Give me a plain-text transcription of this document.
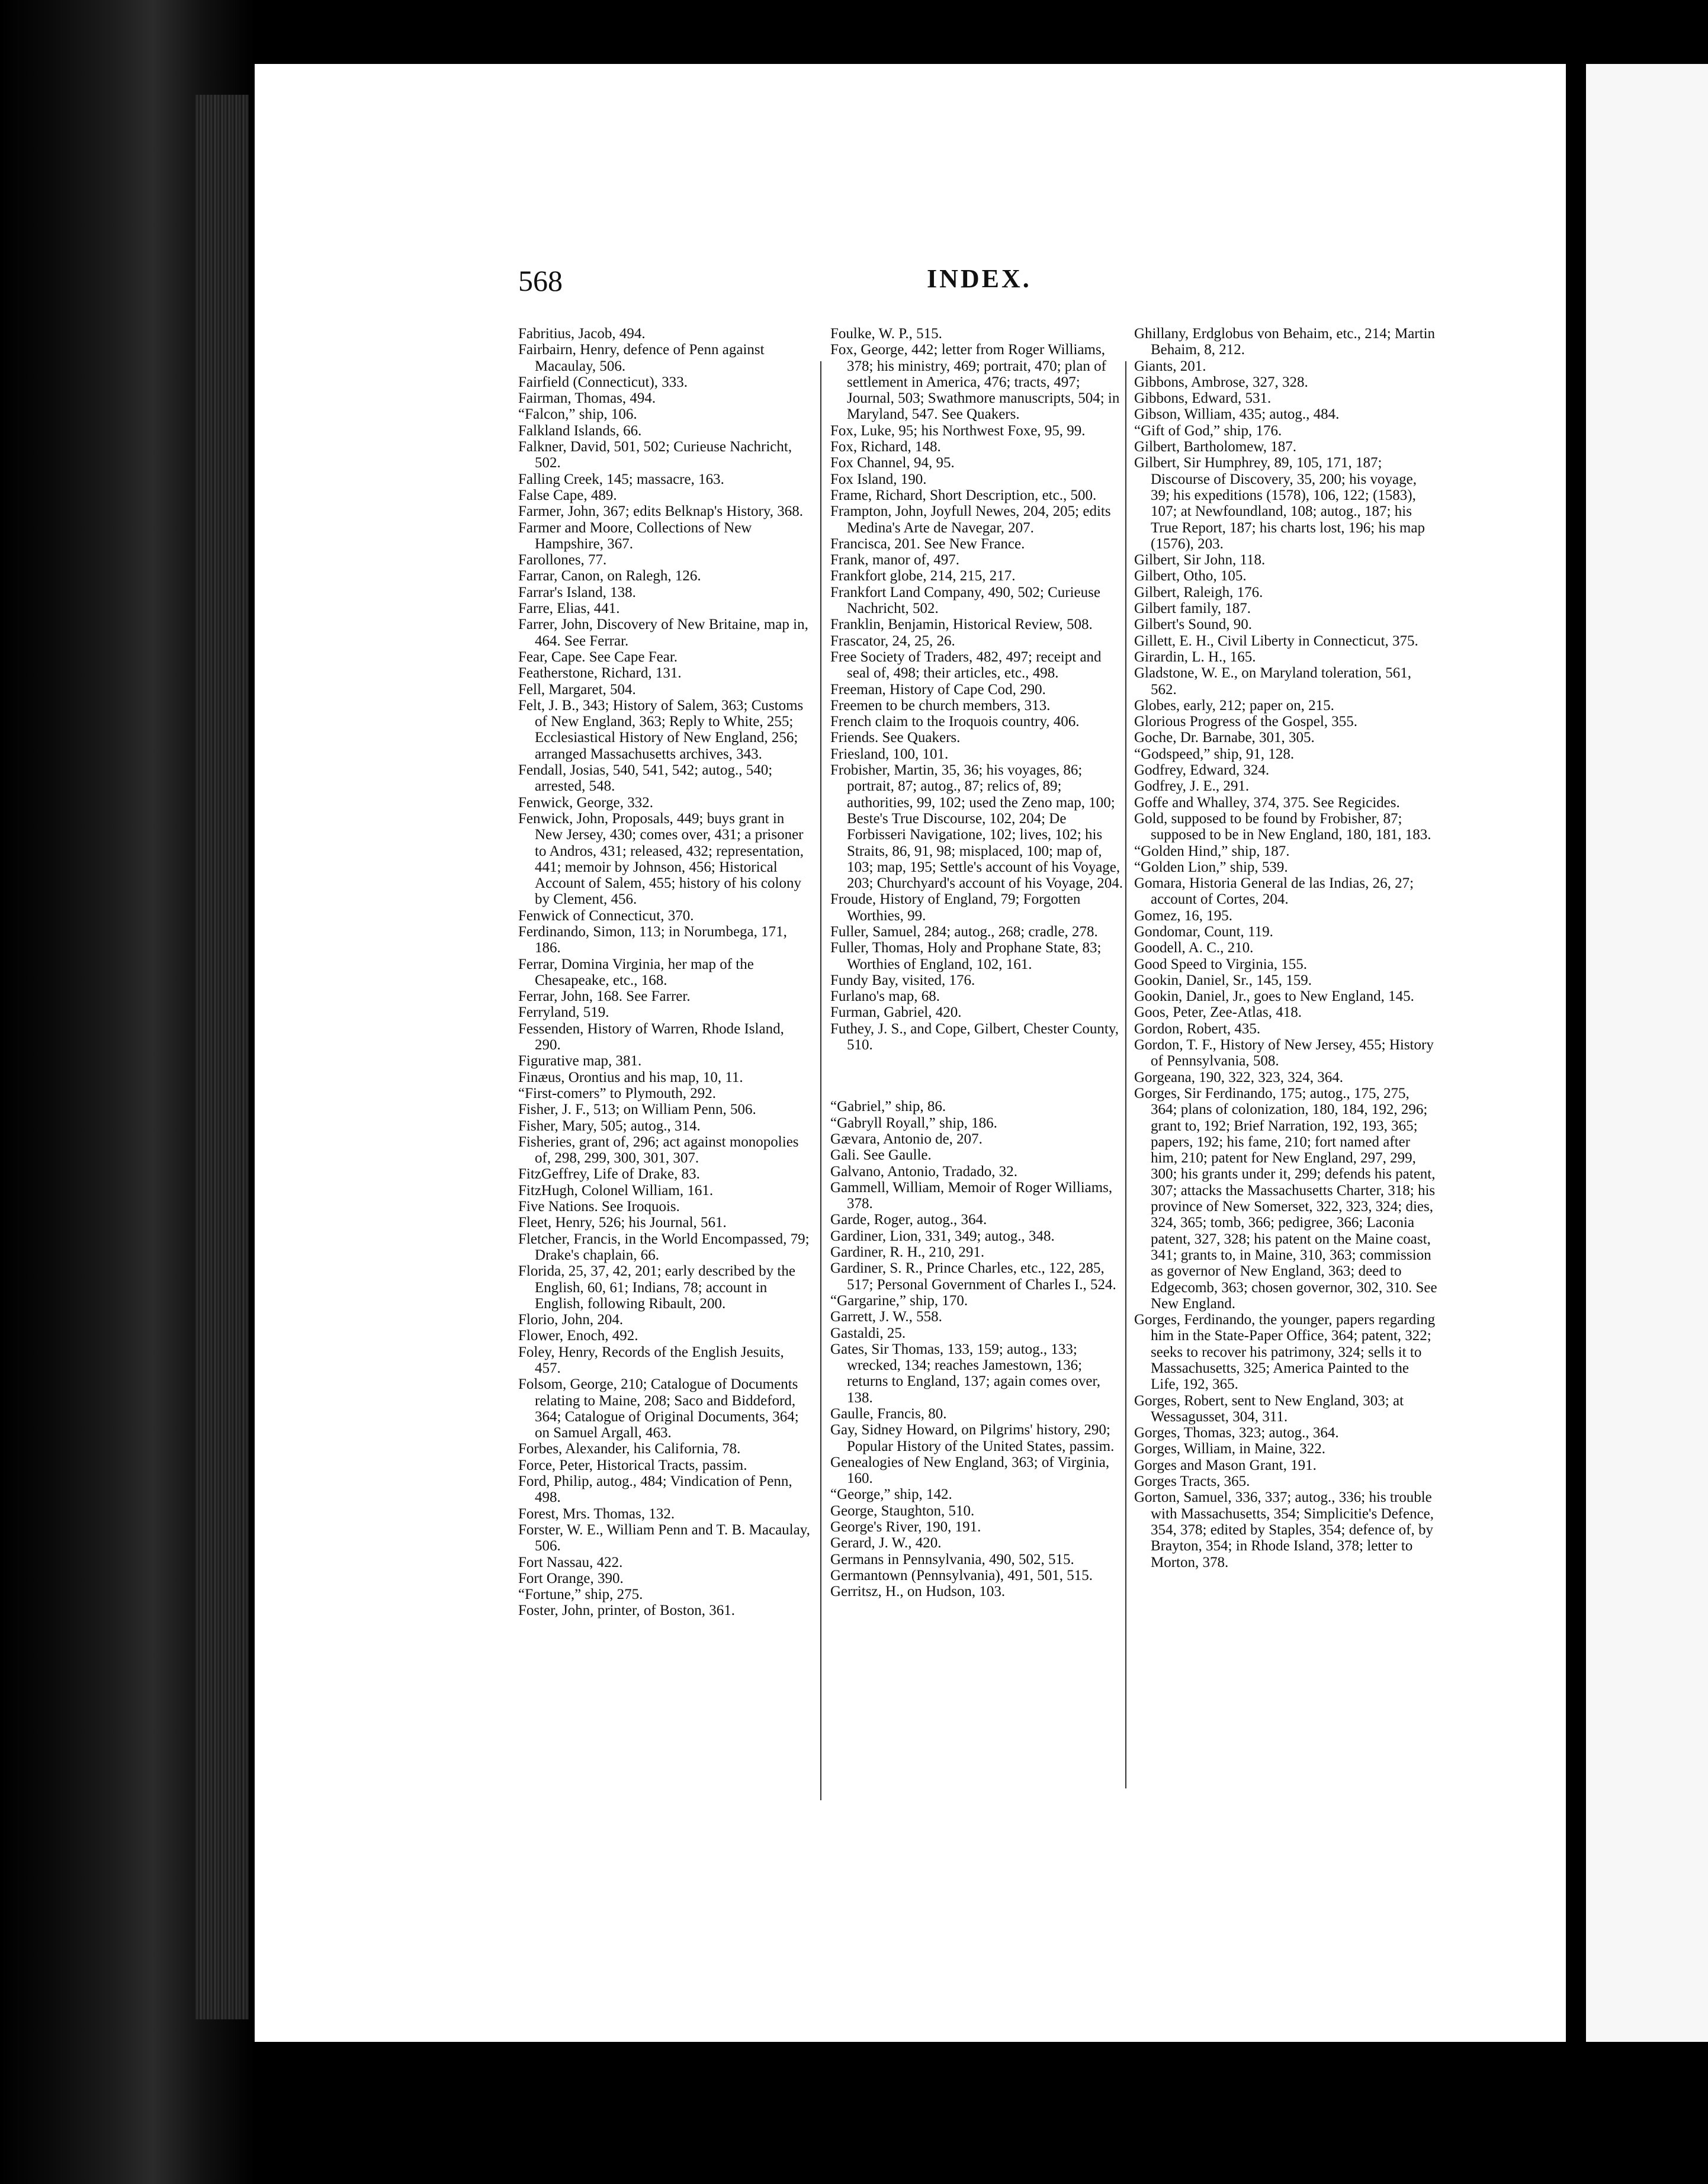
568	INDEX.

Fabritius, Jacob, 494.

Fairbairn, Henry, defence of Penn against Macaulay, 506.

Fairfield (Connecticut), 333.

Fairman, Thomas, 494.

“Falcon,” ship, 106.

Falkland Islands, 66.

Falkner, David, 501, 502; Curieuse Nachricht, 502.

Falling Creek, 145; massacre, 163.

False Cape, 489.

Farmer, John, 367; edits Belknap's History, 368.

Farmer and Moore, Collections of New Hampshire, 367.

Farollones, 77.

Farrar, Canon, on Ralegh, 126.

Farrar's Island, 138.

Farre, Elias, 441.

Farrer, John, Discovery of New Britaine, map in, 464. See Ferrar.

Fear, Cape. See Cape Fear.

Featherstone, Richard, 131.

Fell, Margaret, 504.

Felt, J. B., 343; History of Salem, 363; Customs of New England, 363; Reply to White, 255; Ecclesiastical History of New England, 256; arranged Massachusetts archives, 343.

Fendall, Josias, 540, 541, 542; autog., 540; arrested, 548.

Fenwick, George, 332.

Fenwick, John, Proposals, 449; buys grant in New Jersey, 430; comes over, 431; a prisoner to Andros, 431; released, 432; representation, 441; memoir by Johnson, 456; Historical Account of Salem, 455; history of his colony by Clement, 456.

Fenwick of Connecticut, 370.

Ferdinando, Simon, 113; in Norumbega, 171, 186.

Ferrar, Domina Virginia, her map of the Chesapeake, etc., 168.

Ferrar, John, 168. See Farrer.

Ferryland, 519.

Fessenden, History of Warren, Rhode Island, 290.

Figurative map, 381.

Finæus, Orontius and his map, 10, 11.

“First-comers” to Plymouth, 292.

Fisher, J. F., 513; on William Penn, 506.

Fisher, Mary, 505; autog., 314.

Fisheries, grant of, 296; act against monopolies of, 298, 299, 300, 301, 307.

FitzGeffrey, Life of Drake, 83.

FitzHugh, Colonel William, 161.

Five Nations. See Iroquois.

Fleet, Henry, 526; his Journal, 561.

Fletcher, Francis, in the World Encompassed, 79; Drake's chaplain, 66.

Florida, 25, 37, 42, 201; early described by the English, 60, 61; Indians, 78; account in English, following Ribault, 200.

Florio, John, 204.

Flower, Enoch, 492.

Foley, Henry, Records of the English Jesuits, 457.

Folsom, George, 210; Catalogue of Documents relating to Maine, 208; Saco and Biddeford, 364; Catalogue of Original Documents, 364; on Samuel Argall, 463.

Forbes, Alexander, his California, 78.

Force, Peter, Historical Tracts, passim.

Ford, Philip, autog., 484; Vindication of Penn, 498.

Forest, Mrs. Thomas, 132.

Forster, W. E., William Penn and T. B. Macaulay, 506.

Fort Nassau, 422.

Fort Orange, 390.

“Fortune,” ship, 275.

Foster, John, printer, of Boston, 361.

Foulke, W. P., 515.

Fox, George, 442; letter from Roger Williams, 378; his ministry, 469; portrait, 470; plan of settlement in America, 476; tracts, 497; Journal, 503; Swathmore manuscripts, 504; in Maryland, 547. See Quakers.

Fox, Luke, 95; his Northwest Foxe, 95, 99.

Fox, Richard, 148.

Fox Channel, 94, 95.

Fox Island, 190.

Frame, Richard, Short Description, etc., 500.

Frampton, John, Joyfull Newes, 204, 205; edits Medina's Arte de Navegar, 207.

Francisca, 201. See New France.

Frank, manor of, 497.

Frankfort globe, 214, 215, 217.

Frankfort Land Company, 490, 502; Curieuse Nachricht, 502.

Franklin, Benjamin, Historical Review, 508.

Frascator, 24, 25, 26.

Free Society of Traders, 482, 497; receipt and seal of, 498; their articles, etc., 498.

Freeman, History of Cape Cod, 290.

Freemen to be church members, 313.

French claim to the Iroquois country, 406.

Friends. See Quakers.

Friesland, 100, 101.

Frobisher, Martin, 35, 36; his voyages, 86; portrait, 87; autog., 87; relics of, 89; authorities, 99, 102; used the Zeno map, 100; Beste's True Discourse, 102, 204; De Forbisseri Navigatione, 102; lives, 102; his Straits, 86, 91, 98; misplaced, 100; map of, 103; map, 195; Settle's account of his Voyage, 203; Churchyard's account of his Voyage, 204.

Froude, History of England, 79; Forgotten Worthies, 99.

Fuller, Samuel, 284; autog., 268; cradle, 278.

Fuller, Thomas, Holy and Prophane State, 83; Worthies of England, 102, 161.

Fundy Bay, visited, 176.

Furlano's map, 68.

Furman, Gabriel, 420.

Futhey, J. S., and Cope, Gilbert, Chester County, 510.

“Gabriel,” ship, 86.

“Gabryll Royall,” ship, 186.

Gævara, Antonio de, 207.

Gali. See Gaulle.

Galvano, Antonio, Tradado, 32.

Gammell, William, Memoir of Roger Williams, 378.

Garde, Roger, autog., 364.

Gardiner, Lion, 331, 349; autog., 348.

Gardiner, R. H., 210, 291.

Gardiner, S. R., Prince Charles, etc., 122, 285, 517; Personal Government of Charles I., 524.

“Gargarine,” ship, 170.

Garrett, J. W., 558.

Gastaldi, 25.

Gates, Sir Thomas, 133, 159; autog., 133; wrecked, 134; reaches Jamestown, 136; returns to England, 137; again comes over, 138.

Gaulle, Francis, 80.

Gay, Sidney Howard, on Pilgrims' history, 290; Popular History of the United States, passim.

Genealogies of New England, 363; of Virginia, 160.

“George,” ship, 142.

George, Staughton, 510.

George's River, 190, 191.

Gerard, J. W., 420.

Germans in Pennsylvania, 490, 502, 515.

Germantown (Pennsylvania), 491, 501, 515.

Gerritsz, H., on Hudson, 103.

Ghillany, Erdglobus von Behaim, etc., 214; Martin Behaim, 8, 212.

Giants, 201.

Gibbons, Ambrose, 327, 328.

Gibbons, Edward, 531.

Gibson, William, 435; autog., 484.

“Gift of God,” ship, 176.

Gilbert, Bartholomew, 187.

Gilbert, Sir Humphrey, 89, 105, 171, 187; Discourse of Discovery, 35, 200; his voyage, 39; his expeditions (1578), 106, 122; (1583), 107; at Newfoundland, 108; autog., 187; his True Report, 187; his charts lost, 196; his map (1576), 203.

Gilbert, Sir John, 118.

Gilbert, Otho, 105.

Gilbert, Raleigh, 176.

Gilbert family, 187.

Gilbert's Sound, 90.

Gillett, E. H., Civil Liberty in Connecticut, 375.

Girardin, L. H., 165.

Gladstone, W. E., on Maryland toleration, 561, 562.

Globes, early, 212; paper on, 215.

Glorious Progress of the Gospel, 355.

Goche, Dr. Barnabe, 301, 305.

“Godspeed,” ship, 91, 128.

Godfrey, Edward, 324.

Godfrey, J. E., 291.

Goffe and Whalley, 374, 375. See Regicides.

Gold, supposed to be found by Frobisher, 87; supposed to be in New England, 180, 181, 183.

“Golden Hind,” ship, 187.

“Golden Lion,” ship, 539.

Gomara, Historia General de las Indias, 26, 27; account of Cortes, 204.

Gomez, 16, 195.

Gondomar, Count, 119.

Goodell, A. C., 210.

Good Speed to Virginia, 155.

Gookin, Daniel, Sr., 145, 159.

Gookin, Daniel, Jr., goes to New England, 145.

Goos, Peter, Zee-Atlas, 418.

Gordon, Robert, 435.

Gordon, T. F., History of New Jersey, 455; History of Pennsylvania, 508.

Gorgeana, 190, 322, 323, 324, 364.

Gorges, Sir Ferdinando, 175; autog., 175, 275, 364; plans of colonization, 180, 184, 192, 296; grant to, 192; Brief Narration, 192, 193, 365; papers, 192; his fame, 210; fort named after him, 210; patent for New England, 297, 299, 300; his grants under it, 299; defends his patent, 307; attacks the Massachusetts Charter, 318; his province of New Somerset, 322, 323, 324; dies, 324, 365; tomb, 366; pedigree, 366; Laconia patent, 327, 328; his patent on the Maine coast, 341; grants to, in Maine, 310, 363; commission as governor of New England, 363; deed to Edgecomb, 363; chosen governor, 302, 310. See New England.

Gorges, Ferdinando, the younger, papers regarding him in the State-Paper Office, 364; patent, 322; seeks to recover his patrimony, 324; sells it to Massachusetts, 325; America Painted to the Life, 192, 365.

Gorges, Robert, sent to New England, 303; at Wessagusset, 304, 311.

Gorges, Thomas, 323; autog., 364.

Gorges, William, in Maine, 322.

Gorges and Mason Grant, 191.

Gorges Tracts, 365.

Gorton, Samuel, 336, 337; autog., 336; his trouble with Massachusetts, 354; Simplicitie's Defence, 354, 378; edited by Staples, 354; defence of, by Brayton, 354; in Rhode Island, 378; letter to Morton, 378.
